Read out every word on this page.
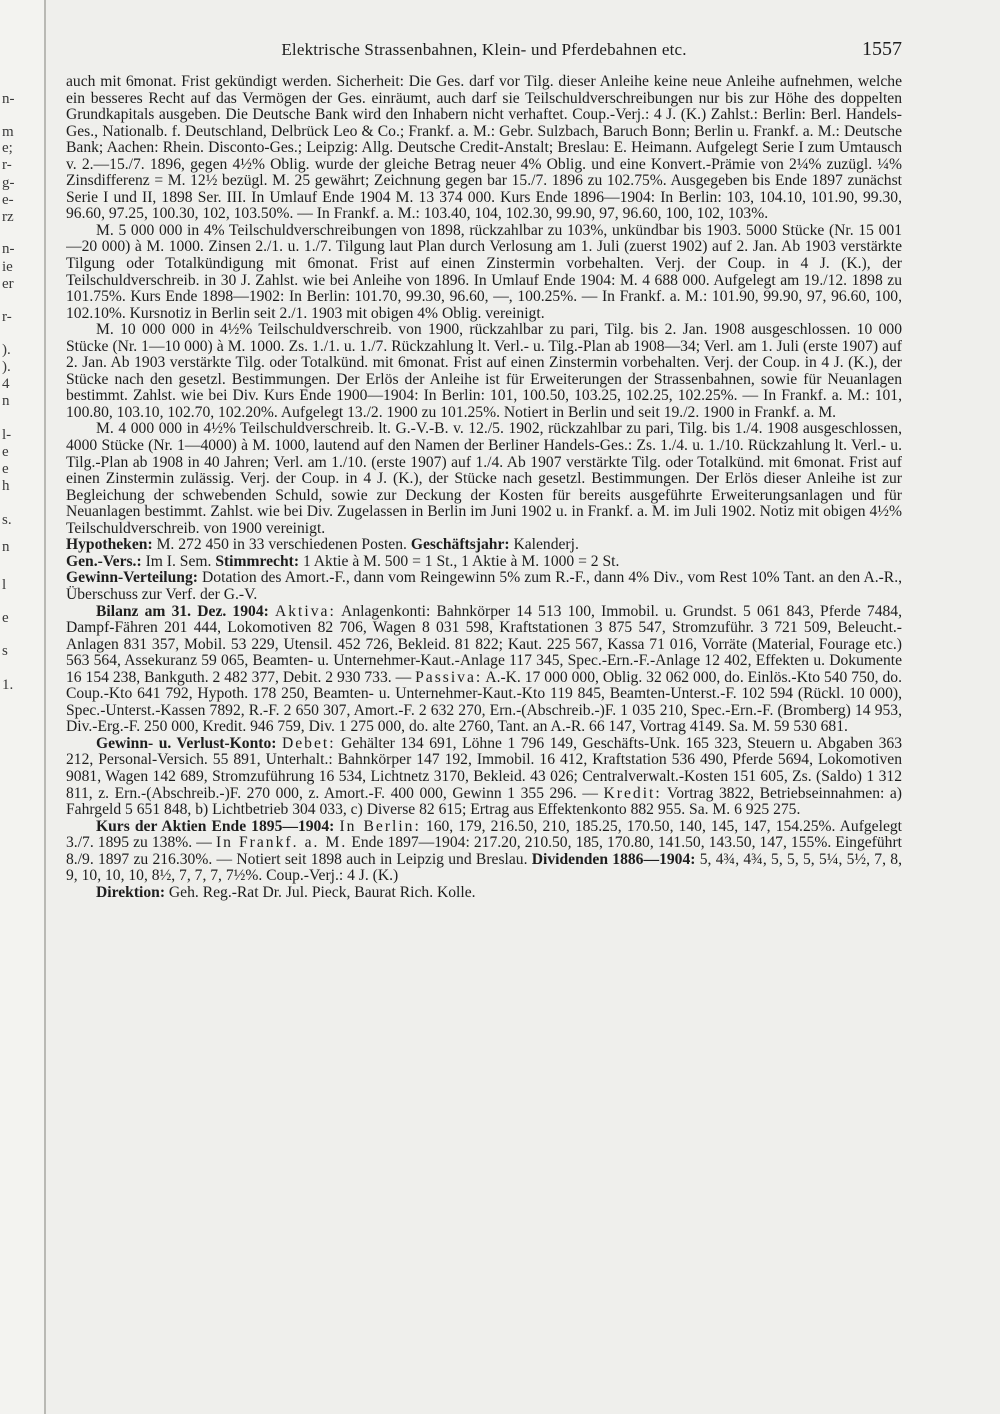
n-
m
e;
r-
g-
e-
rz
n-
ie
er
r-
).
).
4
n
l-
e
e
h
s.
n
l
e
s
1.
Elektrische Strassenbahnen, Klein- und Pferdebahnen etc.	1557

auch mit 6monat. Frist gekündigt werden. Sicherheit: Die Ges. darf vor Tilg. dieser Anleihe keine neue Anleihe aufnehmen, welche ein besseres Recht auf das Vermögen der Ges. einräumt, auch darf sie Teilschuldverschreibungen nur bis zur Höhe des doppelten Grundkapitals ausgeben. Die Deutsche Bank wird den Inhabern nicht verhaftet. Coup.-Verj.: 4 J. (K.) Zahlst.: Berlin: Berl. Handels-Ges., Nationalb. f. Deutschland, Delbrück Leo & Co.; Frankf. a. M.: Gebr. Sulzbach, Baruch Bonn; Berlin u. Frankf. a. M.: Deutsche Bank; Aachen: Rhein. Disconto-Ges.; Leipzig: Allg. Deutsche Credit-Anstalt; Breslau: E. Heimann. Aufgelegt Serie I zum Umtausch v. 2.—15./7. 1896, gegen 4½% Oblig. wurde der gleiche Betrag neuer 4% Oblig. und eine Konvert.-Prämie von 2¼% zuzügl. ¼% Zinsdifferenz = M. 12½ bezügl. M. 25 gewährt; Zeichnung gegen bar 15./7. 1896 zu 102.75%. Ausgegeben bis Ende 1897 zunächst Serie I und II, 1898 Ser. III. In Umlauf Ende 1904 M. 13 374 000. Kurs Ende 1896—1904: In Berlin: 103, 104.10, 101.90, 99.30, 96.60, 97.25, 100.30, 102, 103.50%. — In Frankf. a. M.: 103.40, 104, 102.30, 99.90, 97, 96.60, 100, 102, 103%.

M. 5 000 000 in 4% Teilschuldverschreibungen von 1898, rückzahlbar zu 103%, unkündbar bis 1903. 5000 Stücke (Nr. 15 001—20 000) à M. 1000. Zinsen 2./1. u. 1./7. Tilgung laut Plan durch Verlosung am 1. Juli (zuerst 1902) auf 2. Jan. Ab 1903 verstärkte Tilgung oder Totalkündigung mit 6monat. Frist auf einen Zinstermin vorbehalten. Verj. der Coup. in 4 J. (K.), der Teilschuldverschreib. in 30 J. Zahlst. wie bei Anleihe von 1896. In Umlauf Ende 1904: M. 4 688 000. Aufgelegt am 19./12. 1898 zu 101.75%. Kurs Ende 1898—1902: In Berlin: 101.70, 99.30, 96.60, —, 100.25%. — In Frankf. a. M.: 101.90, 99.90, 97, 96.60, 100, 102.10%. Kursnotiz in Berlin seit 2./1. 1903 mit obigen 4% Oblig. vereinigt.

M. 10 000 000 in 4½% Teilschuldverschreib. von 1900, rückzahlbar zu pari, Tilg. bis 2. Jan. 1908 ausgeschlossen. 10 000 Stücke (Nr. 1—10 000) à M. 1000. Zs. 1./1. u. 1./7. Rückzahlung lt. Verl.- u. Tilg.-Plan ab 1908—34; Verl. am 1. Juli (erste 1907) auf 2. Jan. Ab 1903 verstärkte Tilg. oder Totalkünd. mit 6monat. Frist auf einen Zinstermin vorbehalten. Verj. der Coup. in 4 J. (K.), der Stücke nach den gesetzl. Bestimmungen. Der Erlös der Anleihe ist für Erweiterungen der Strassenbahnen, sowie für Neuanlagen bestimmt. Zahlst. wie bei Div. Kurs Ende 1900—1904: In Berlin: 101, 100.50, 103.25, 102.25, 102.25%. — In Frankf. a. M.: 101, 100.80, 103.10, 102.70, 102.20%. Aufgelegt 13./2. 1900 zu 101.25%. Notiert in Berlin und seit 19./2. 1900 in Frankf. a. M.

M. 4 000 000 in 4½% Teilschuldverschreib. lt. G.-V.-B. v. 12./5. 1902, rückzahlbar zu pari, Tilg. bis 1./4. 1908 ausgeschlossen, 4000 Stücke (Nr. 1—4000) à M. 1000, lautend auf den Namen der Berliner Handels-Ges.: Zs. 1./4. u. 1./10. Rückzahlung lt. Verl.- u. Tilg.-Plan ab 1908 in 40 Jahren; Verl. am 1./10. (erste 1907) auf 1./4. Ab 1907 verstärkte Tilg. oder Totalkünd. mit 6monat. Frist auf einen Zinstermin zulässig. Verj. der Coup. in 4 J. (K.), der Stücke nach gesetzl. Bestimmungen. Der Erlös dieser Anleihe ist zur Begleichung der schwebenden Schuld, sowie zur Deckung der Kosten für bereits ausgeführte Erweiterungsanlagen und für Neuanlagen bestimmt. Zahlst. wie bei Div. Zugelassen in Berlin im Juni 1902 u. in Frankf. a. M. im Juli 1902. Notiz mit obigen 4½% Teilschuldverschreib. von 1900 vereinigt.

Hypotheken: M. 272 450 in 33 verschiedenen Posten. Geschäftsjahr: Kalenderj.

Gen.-Vers.: Im I. Sem. Stimmrecht: 1 Aktie à M. 500 = 1 St., 1 Aktie à M. 1000 = 2 St.

Gewinn-Verteilung: Dotation des Amort.-F., dann vom Reingewinn 5% zum R.-F., dann 4% Div., vom Rest 10% Tant. an den A.-R., Überschuss zur Verf. der G.-V.

Bilanz am 31. Dez. 1904: Aktiva: Anlagenkonti: Bahnkörper 14 513 100, Immobil. u. Grundst. 5 061 843, Pferde 7484, Dampf-Fähren 201 444, Lokomotiven 82 706, Wagen 8 031 598, Kraftstationen 3 875 547, Stromzuführ. 3 721 509, Beleucht.-Anlagen 831 357, Mobil. 53 229, Utensil. 452 726, Bekleid. 81 822; Kaut. 225 567, Kassa 71 016, Vorräte (Material, Fourage etc.) 563 564, Assekuranz 59 065, Beamten- u. Unternehmer-Kaut.-Anlage 117 345, Spec.-Ern.-F.-Anlage 12 402, Effekten u. Dokumente 16 154 238, Bankguth. 2 482 377, Debit. 2 930 733. — Passiva: A.-K. 17 000 000, Oblig. 32 062 000, do. Einlös.-Kto 540 750, do. Coup.-Kto 641 792, Hypoth. 178 250, Beamten- u. Unternehmer-Kaut.-Kto 119 845, Beamten-Unterst.-F. 102 594 (Rückl. 10 000), Spec.-Unterst.-Kassen 7892, R.-F. 2 650 307, Amort.-F. 2 632 270, Ern.-(Abschreib.-)F. 1 035 210, Spec.-Ern.-F. (Bromberg) 14 953, Div.-Erg.-F. 250 000, Kredit. 946 759, Div. 1 275 000, do. alte 2760, Tant. an A.-R. 66 147, Vortrag 4149. Sa. M. 59 530 681.

Gewinn- u. Verlust-Konto: Debet: Gehälter 134 691, Löhne 1 796 149, Geschäfts-Unk. 165 323, Steuern u. Abgaben 363 212, Personal-Versich. 55 891, Unterhalt.: Bahnkörper 147 192, Immobil. 16 412, Kraftstation 536 490, Pferde 5694, Lokomotiven 9081, Wagen 142 689, Stromzuführung 16 534, Lichtnetz 3170, Bekleid. 43 026; Centralverwalt.-Kosten 151 605, Zs. (Saldo) 1 312 811, z. Ern.-(Abschreib.-)F. 270 000, z. Amort.-F. 400 000, Gewinn 1 355 296. — Kredit: Vortrag 3822, Betriebseinnahmen: a) Fahrgeld 5 651 848, b) Lichtbetrieb 304 033, c) Diverse 82 615; Ertrag aus Effektenkonto 882 955. Sa. M. 6 925 275.

Kurs der Aktien Ende 1895—1904: In Berlin: 160, 179, 216.50, 210, 185.25, 170.50, 140, 145, 147, 154.25%. Aufgelegt 3./7. 1895 zu 138%. — In Frankf. a. M. Ende 1897—1904: 217.20, 210.50, 185, 170.80, 141.50, 143.50, 147, 155%. Eingeführt 8./9. 1897 zu 216.30%. — Notiert seit 1898 auch in Leipzig und Breslau. Dividenden 1886—1904: 5, 4¾, 4¾, 5, 5, 5, 5¼, 5½, 7, 8, 9, 10, 10, 10, 8½, 7, 7, 7, 7½%. Coup.-Verj.: 4 J. (K.)

Direktion: Geh. Reg.-Rat Dr. Jul. Pieck, Baurat Rich. Kolle.
